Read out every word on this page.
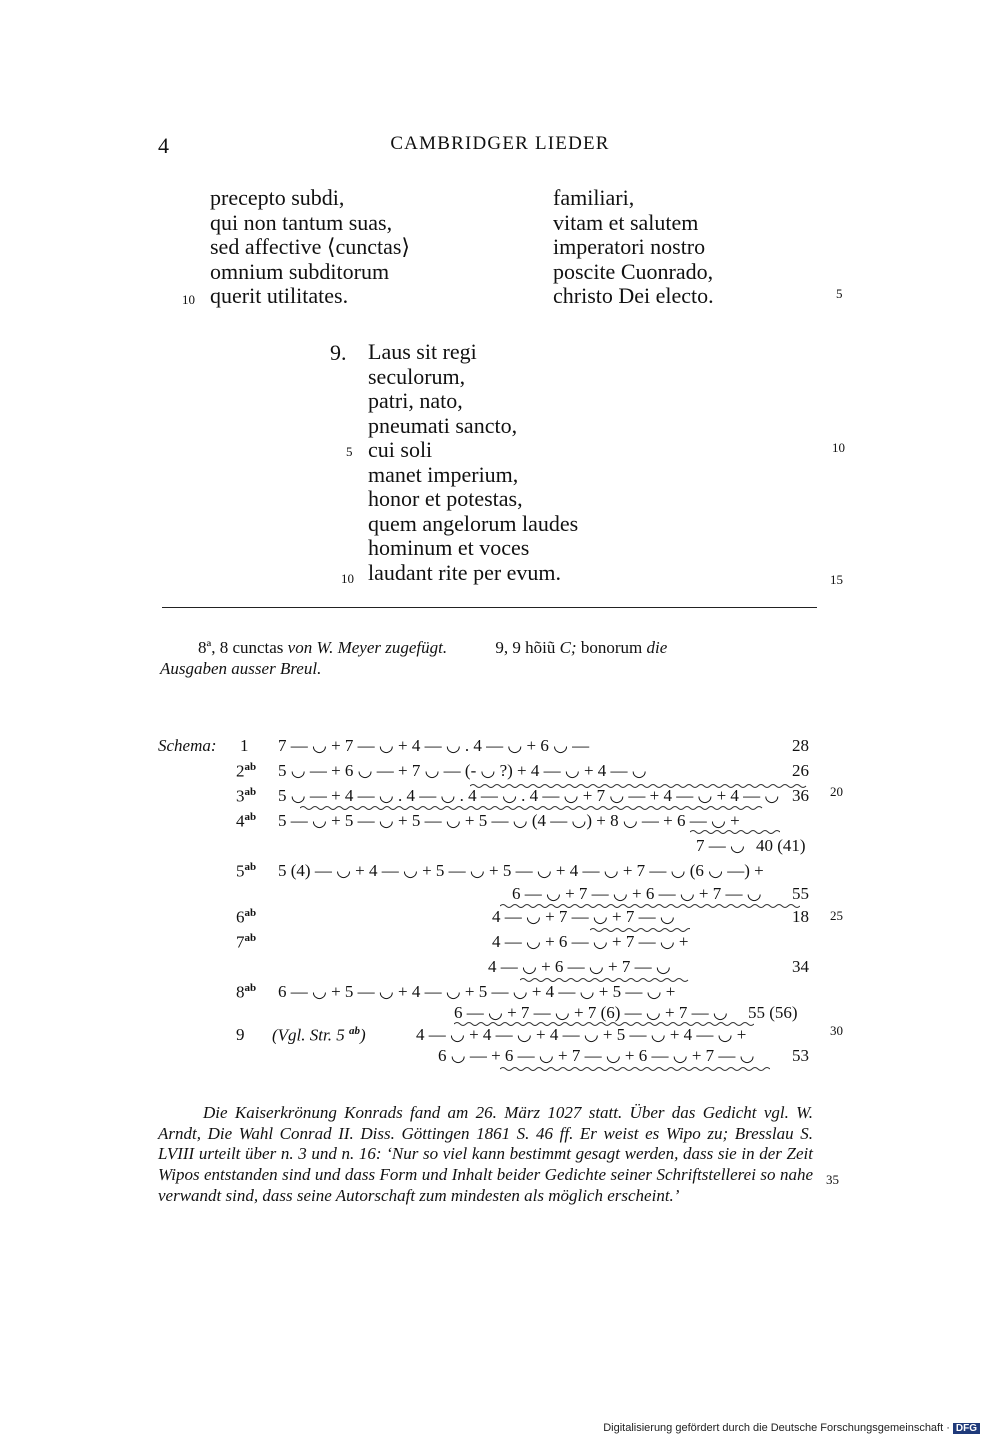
4	CAMBRIDGER LIEDER
precepto subdi,
qui non tantum suas,
sed affective ⟨cunctas⟩
omnium subditorum
querit utilitates.
10
familiari,
vitam et salutem
imperatori nostro
poscite Cuonrado,
christo Dei electo.
9. Laus sit regi
seculorum,
patri, nato,
pneumati sancto,
cui soli
manet imperium,
honor et potestas,
quem angelorum laudes
hominum et voces
laudant rite per evum.
5
10
5
10
15
20
25
30
35
8ª, 8 cunctas von W. Meyer zugefügt.	9, 9 hõiũ C; bonorum die
Ausgaben ausser Breul.
Schema: 1 7 — ◡ + 7 — ◡ + 4 — ◡ . 4 — ◡ + 6 ◡ —	28
$2^{ab}$ 5 ◡ — + 6 ◡ — + 7 ◡ — (- ◡ ?) + 4 — ◡ + 4 — ◡	26
$3^{ab}$ 5 ◡ — + 4 — ◡ . 4 — ◡ . 4 — ◡ . 4 — ◡ + 7 ◡ — + 4 — ◡ + 4 — ◡ 36
$4^{ab}$ 5 — ◡ + 5 — ◡ + 5 — ◡ + 5 — ◡ (4 — ◡) + 8 ◡ — + 6 — ◡ +
7 — ◡ 40 (41)
$5^{ab}$ 5 (4) — ◡ + 4 — ◡ + 5 — ◡ + 5 — ◡ + 4 — ◡ + 7 — ◡ (6 ◡ —) +
6 — ◡ + 7 — ◡ + 6 — ◡ + 7 — ◡ 55
$6^{ab}$	4 — ◡ + 7 — ◡ + 7 — ◡	18
$7^{ab}$	4 — ◡ + 6 — ◡ + 7 — ◡ +
4 — ◡ + 6 — ◡ + 7 — ◡	34
$8^{ab}$ 6 — ◡ + 5 — ◡ + 4 — ◡ + 5 — ◡ + 4 — ◡ + 5 — ◡ +
6 — ◡ + 7 — ◡ + 7 (6) — ◡ + 7 — ◡ 55 (56)
9 (Vgl. Str. 5 $^{ab}$)	4 — ◡ + 4 — ◡ + 4 — ◡ + 5 — ◡ + 4 — ◡ +
6 ◡ — + 6 — ◡ + 7 — ◡ + 6 — ◡ + 7 — ◡ 53

Die Kaiserkrönung Konrads fand am 26. März 1027 statt. Über das Gedicht vgl. W. Arndt, Die Wahl Conrad II. Diss. Göttingen 1861 S. 46 ff. Er weist es Wipo zu; Bresslau S. LVIII urteilt über n. 3 und n. 16: ‘Nur so viel kann bestimmt gesagt werden, dass sie in der Zeit Wipos entstanden sind und dass Form und Inhalt beider Gedichte seiner Schriftstellerei so nahe verwandt sind, dass seine Autorschaft zum mindesten als möglich erscheint.’

Digitalisierung gefördert durch die Deutsche Forschungsgemeinschaft · DFG
